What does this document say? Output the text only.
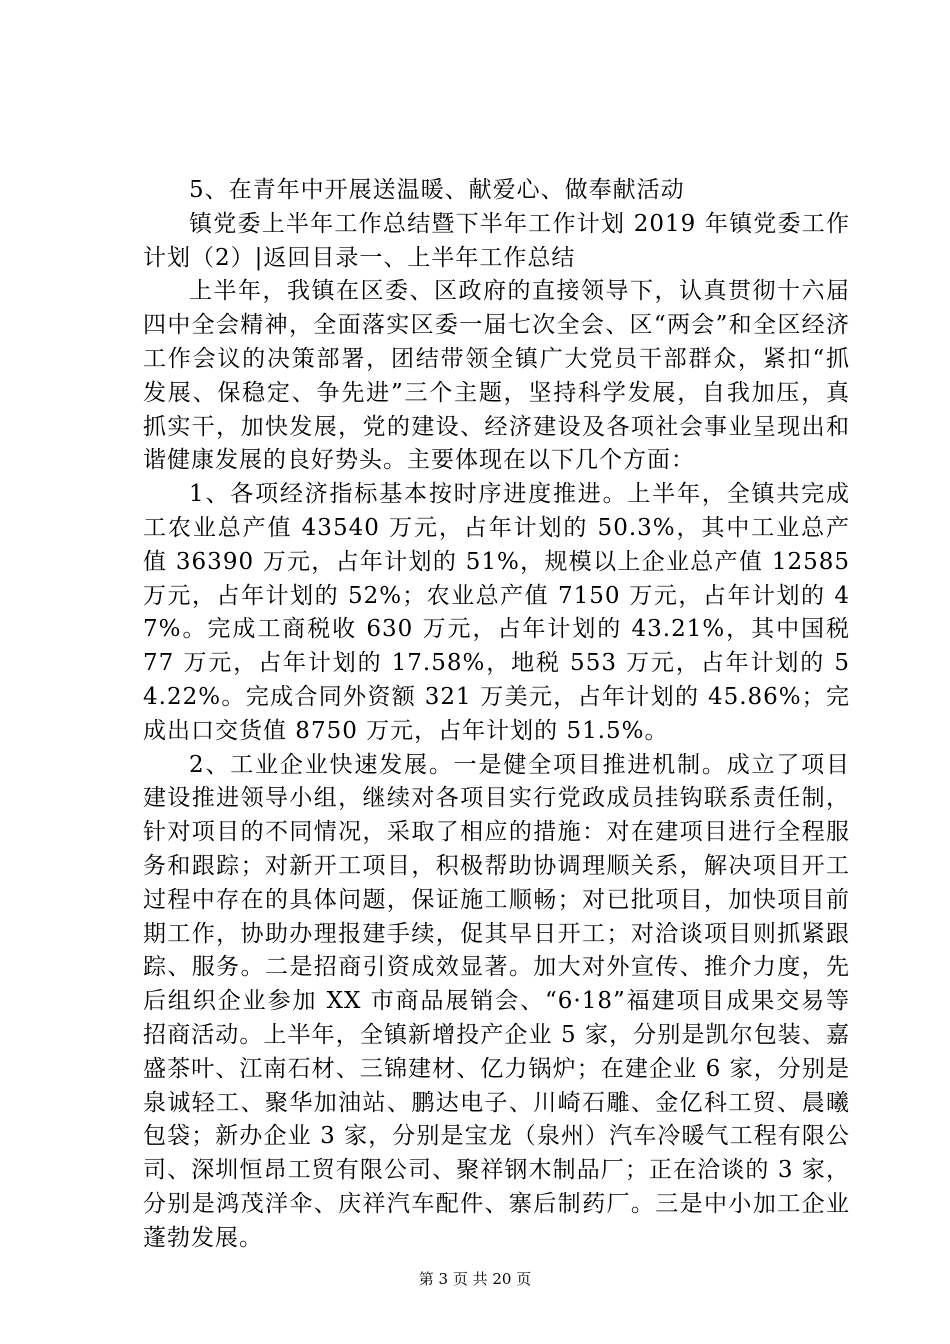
5、在青年中开展送温暖、献爱心、做奉献活动

镇党委上半年工作总结暨下半年工作计划 2019 年镇党委工作计划（2）|返回目录一、上半年工作总结

上半年，我镇在区委、区政府的直接领导下，认真贯彻十六届四中全会精神，全面落实区委一届七次全会、区“两会”和全区经济工作会议的决策部署，团结带领全镇广大党员干部群众，紧扣“抓发展、保稳定、争先进”三个主题，坚持科学发展，自我加压，真抓实干，加快发展，党的建设、经济建设及各项社会事业呈现出和谐健康发展的良好势头。主要体现在以下几个方面：

1、各项经济指标基本按时序进度推进。上半年，全镇共完成工农业总产值 43540 万元，占年计划的 50.3%，其中工业总产值 36390 万元，占年计划的 51%，规模以上企业总产值 12585 万元，占年计划的 52%；农业总产值 7150 万元，占年计划的 47%。完成工商税收 630 万元，占年计划的 43.21%，其中国税 77 万元，占年计划的 17.58%，地税 553 万元，占年计划的 54.22%。完成合同外资额 321 万美元，占年计划的 45.86%；完成出口交货值 8750 万元，占年计划的 51.5%。

2、工业企业快速发展。一是健全项目推进机制。成立了项目建设推进领导小组，继续对各项目实行党政成员挂钩联系责任制，针对项目的不同情况，采取了相应的措施：对在建项目进行全程服务和跟踪；对新开工项目，积极帮助协调理顺关系，解决项目开工过程中存在的具体问题，保证施工顺畅；对已批项目，加快项目前期工作，协助办理报建手续，促其早日开工；对洽谈项目则抓紧跟踪、服务。二是招商引资成效显著。加大对外宣传、推介力度，先后组织企业参加 XX 市商品展销会、“6·18”福建项目成果交易等招商活动。上半年，全镇新增投产企业 5 家，分别是凯尔包装、嘉盛茶叶、江南石材、三锦建材、亿力锅炉；在建企业 6 家，分别是泉诚轻工、聚华加油站、鹏达电子、川崎石雕、金亿科工贸、晨曦包袋；新办企业 3 家，分别是宝龙（泉州）汽车冷暖气工程有限公司、深圳恒昂工贸有限公司、聚祥钢木制品厂；正在洽谈的 3 家，分别是鸿茂洋伞、庆祥汽车配件、寨后制药厂。三是中小加工企业蓬勃发展。

第 3 页 共 20 页
